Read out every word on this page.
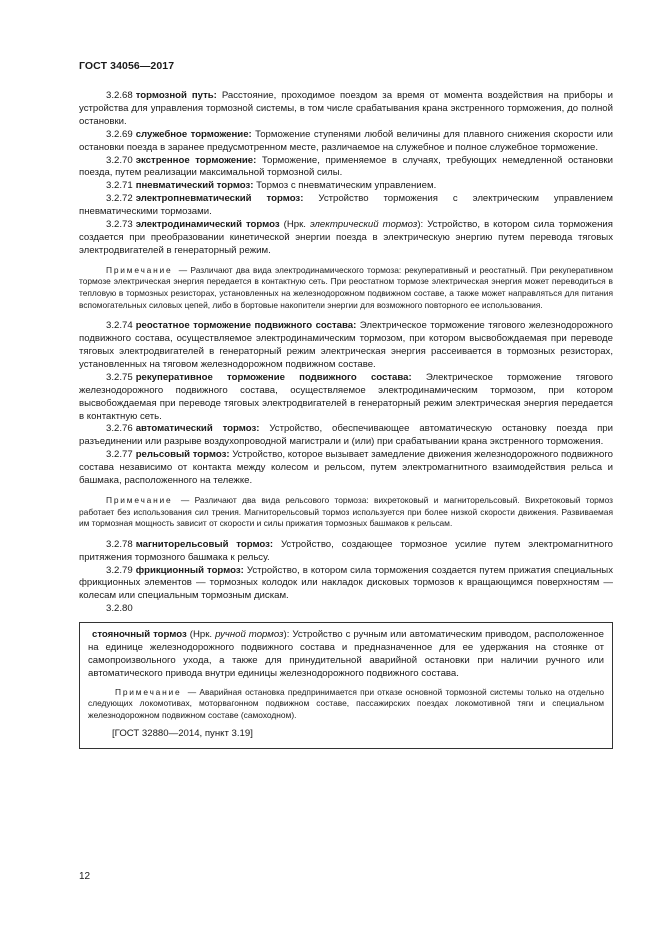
ГОСТ 34056—2017

3.2.68 тормозной путь: Расстояние, проходимое поездом за время от момента воздействия на приборы и устройства для управления тормозной системы, в том числе срабатывания крана экстренного торможения, до полной остановки.

3.2.69 служебное торможение: Торможение ступенями любой величины для плавного снижения скорости или остановки поезда в заранее предусмотренном месте, различаемое на служебное и полное служебное торможение.

3.2.70 экстренное торможение: Торможение, применяемое в случаях, требующих немедленной остановки поезда, путем реализации максимальной тормозной силы.

3.2.71 пневматический тормоз: Тормоз с пневматическим управлением.

3.2.72 электропневматический тормоз: Устройство торможения с электрическим управлением пневматическими тормозами.

3.2.73 электродинамический тормоз (Нрк. электрический тормоз): Устройство, в котором сила торможения создается при преобразовании кинетической энергии поезда в электрическую энергию путем перевода тяговых электродвигателей в генераторный режим.

Примечание — Различают два вида электродинамического тормоза: рекуперативный и реостатный. При рекуперативном тормозе электрическая энергия передается в контактную сеть. При реостатном тормозе электрическая энергия может переводиться в тепловую в тормозных резисторах, установленных на железнодорожном подвижном составе, а также может направляться для питания вспомогательных силовых цепей, либо в бортовые накопители энергии для возможного повторного ее использования.

3.2.74 реостатное торможение подвижного состава: Электрическое торможение тягового железнодорожного подвижного состава, осуществляемое электродинамическим тормозом, при котором высвобождаемая при переводе тяговых электродвигателей в генераторный режим электрическая энергия рассеивается в тормозных резисторах, установленных на тяговом железнодорожном подвижном составе.

3.2.75 рекуперативное торможение подвижного состава: Электрическое торможение тягового железнодорожного подвижного состава, осуществляемое электродинамическим тормозом, при котором высвобождаемая при переводе тяговых электродвигателей в генераторный режим электрическая энергия передается в контактную сеть.

3.2.76 автоматический тормоз: Устройство, обеспечивающее автоматическую остановку поезда при разъединении или разрыве воздухопроводной магистрали и (или) при срабатывании крана экстренного торможения.

3.2.77 рельсовый тормоз: Устройство, которое вызывает замедление движения железнодорожного подвижного состава независимо от контакта между колесом и рельсом, путем электромагнитного взаимодействия рельса и башмака, расположенного на тележке.

Примечание — Различают два вида рельсового тормоза: вихретоковый и магниторельсовый. Вихретоковый тормоз работает без использования сил трения. Магниторельсовый тормоз используется при более низкой скорости движения. Развиваемая им тормозная мощность зависит от скорости и силы прижатия тормозных башмаков к рельсам.

3.2.78 магниторельсовый тормоз: Устройство, создающее тормозное усилие путем электромагнитного притяжения тормозного башмака к рельсу.

3.2.79 фрикционный тормоз: Устройство, в котором сила торможения создается путем прижатия специальных фрикционных элементов — тормозных колодок или накладок дисковых тормозов к вращающимся поверхностям — колесам или специальным тормозным дискам.

3.2.80

стояночный тормоз (Нрк. ручной тормоз): Устройство с ручным или автоматическим приводом, расположенное на единице железнодорожного подвижного состава и предназначенное для ее удержания на стоянке от самопроизвольного ухода, а также для принудительной аварийной остановки при наличии ручного или автоматического привода внутри единицы железнодорожного подвижного состава.

Примечание — Аварийная остановка предпринимается при отказе основной тормозной системы только на отдельно следующих локомотивах, моторвагонном подвижном составе, пассажирских поездах локомотивной тяги и специальном железнодорожном подвижном составе (самоходном).

[ГОСТ 32880—2014, пункт 3.19]
12
